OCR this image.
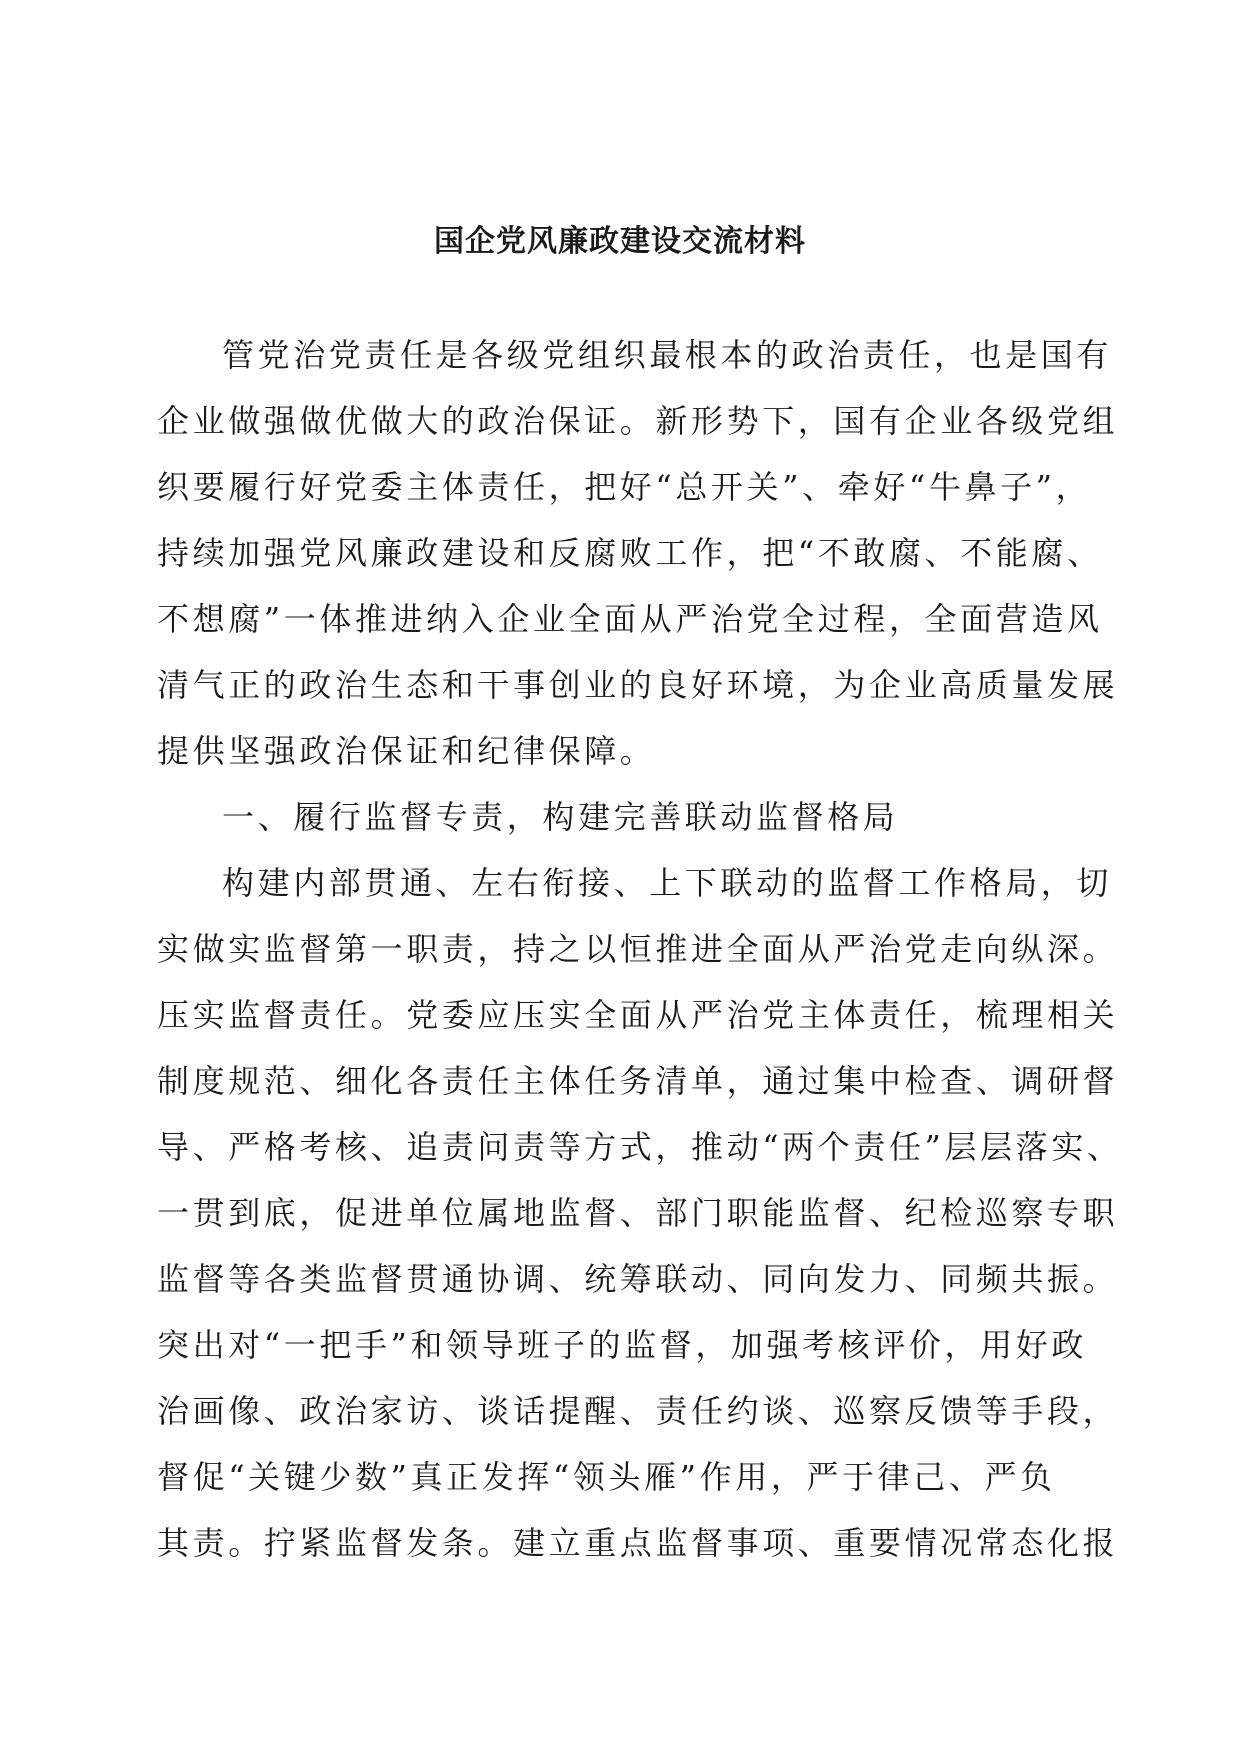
国企党风廉政建设交流材料
管党治党责任是各级党组织最根本的政治责任，也是国有
企业做强做优做大的政治保证。新形势下，国有企业各级党组
织要履行好党委主体责任，把好“总开关”、牵好“牛鼻子”，
持续加强党风廉政建设和反腐败工作，把“不敢腐、不能腐、
不想腐”一体推进纳入企业全面从严治党全过程，全面营造风
清气正的政治生态和干事创业的良好环境，为企业高质量发展
提供坚强政治保证和纪律保障。
一、履行监督专责，构建完善联动监督格局
构建内部贯通、左右衔接、上下联动的监督工作格局，切
实做实监督第一职责，持之以恒推进全面从严治党走向纵深。
压实监督责任。党委应压实全面从严治党主体责任，梳理相关
制度规范、细化各责任主体任务清单，通过集中检查、调研督
导、严格考核、追责问责等方式，推动“两个责任”层层落实、
一贯到底，促进单位属地监督、部门职能监督、纪检巡察专职
监督等各类监督贯通协调、统筹联动、同向发力、同频共振。
突出对“一把手”和领导班子的监督，加强考核评价，用好政
治画像、政治家访、谈话提醒、责任约谈、巡察反馈等手段，
督促“关键少数”真正发挥“领头雁”作用，严于律己、严负
其责。拧紧监督发条。建立重点监督事项、重要情况常态化报
